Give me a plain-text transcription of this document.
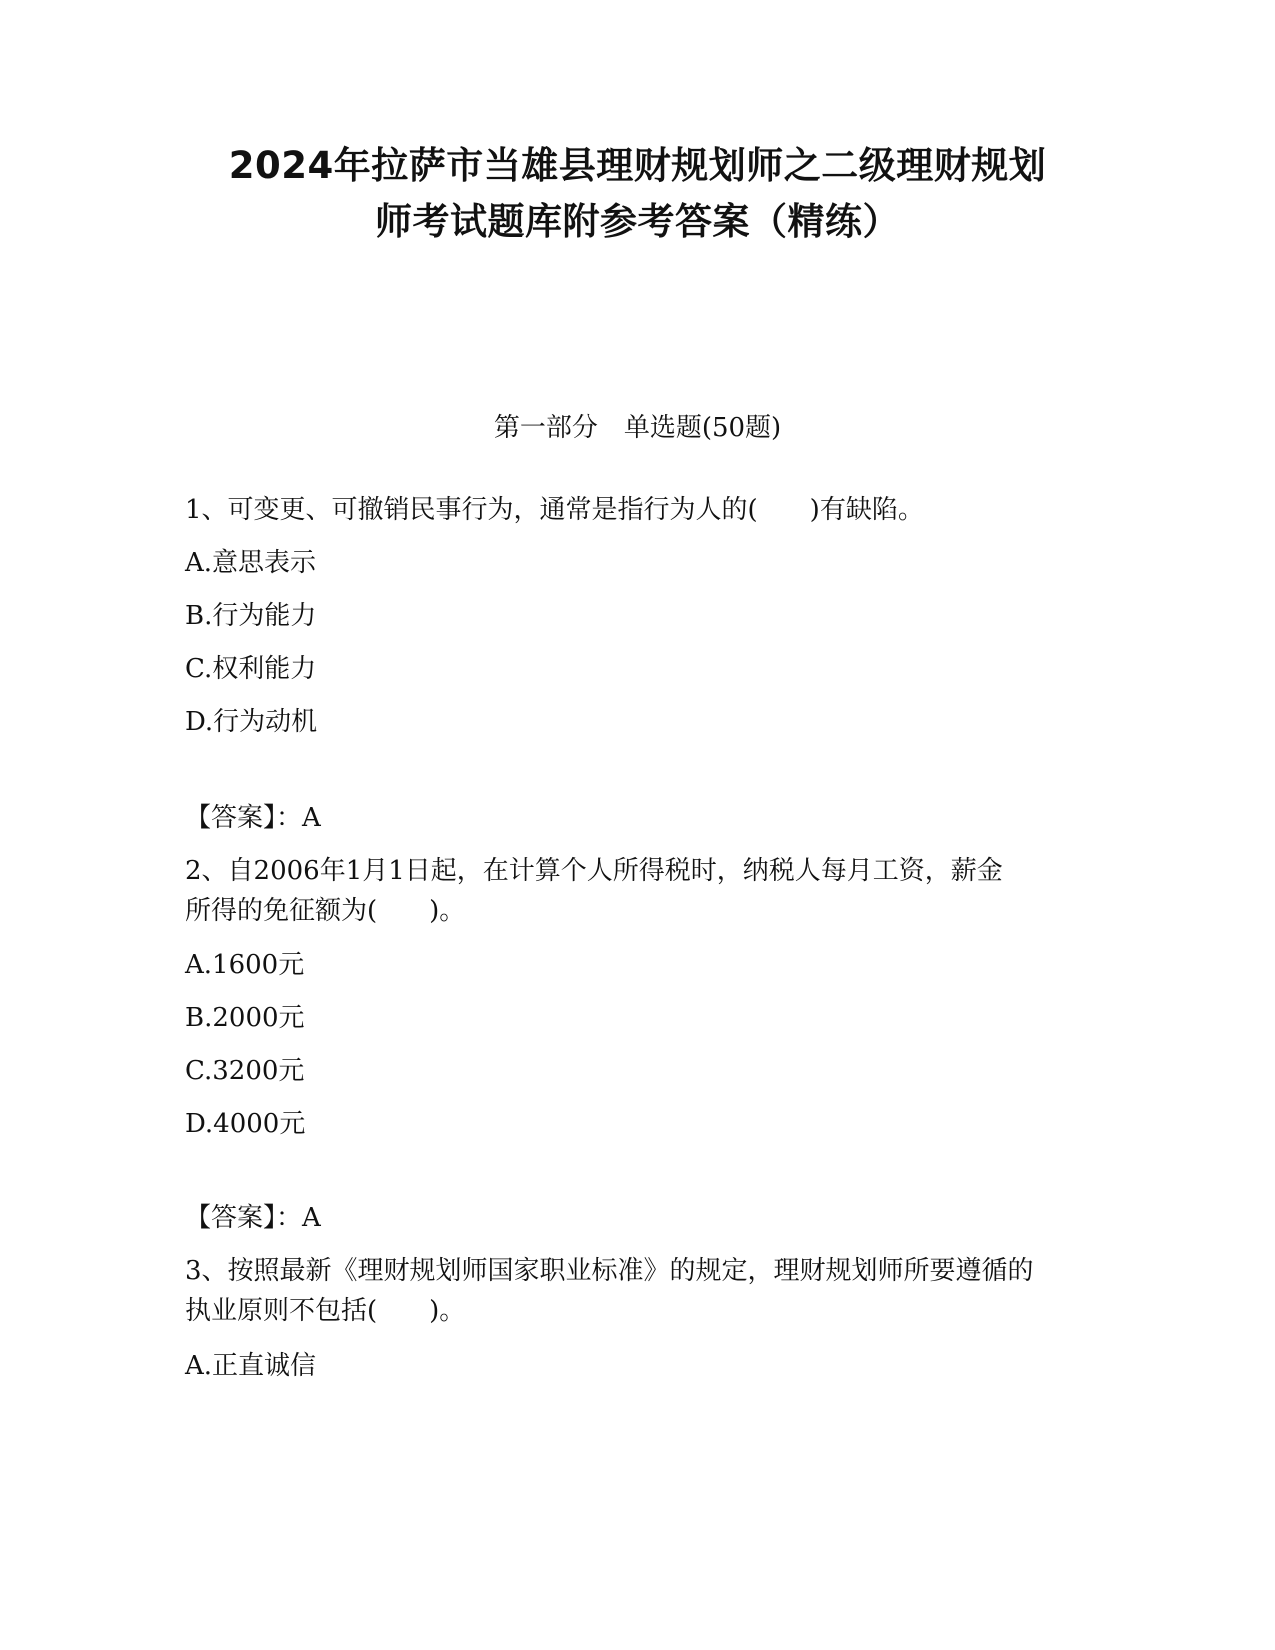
2024年拉萨市当雄县理财规划师之二级理财规划
师考试题库附参考答案（精练）
第一部分　单选题(50题)
1、可变更、可撤销民事行为，通常是指行为人的(　　)有缺陷。
A.意思表示
B.行为能力
C.权利能力
D.行为动机
【答案】：A
2、自2006年1月1日起，在计算个人所得税时，纳税人每月工资，薪金所得的免征额为(　　)。
A.1600元
B.2000元
C.3200元
D.4000元
【答案】：A
3、按照最新《理财规划师国家职业标准》的规定，理财规划师所要遵循的执业原则不包括(　　)。
A.正直诚信
